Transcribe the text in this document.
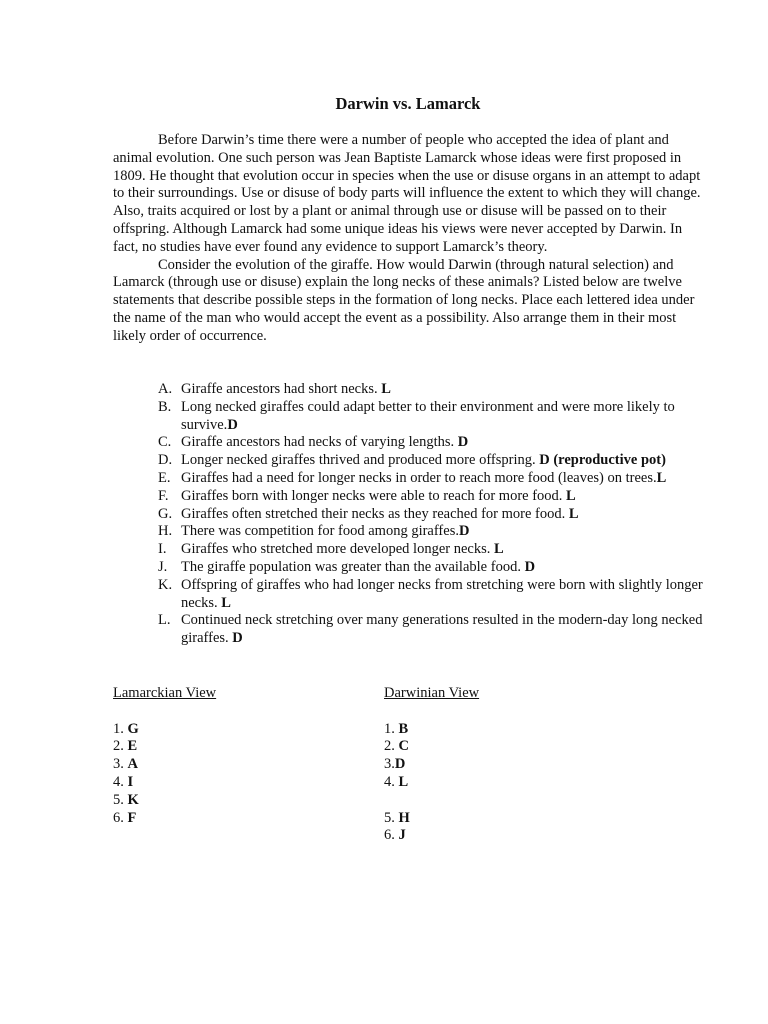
Darwin vs. Lamarck

Before Darwin’s time there were a number of people who accepted the idea of plant and animal evolution. One such person was Jean Baptiste Lamarck whose ideas were first proposed in 1809. He thought that evolution occur in species when the use or disuse organs in an attempt to adapt to their surroundings. Use or disuse of body parts will influence the extent to which they will change. Also, traits acquired or lost by a plant or animal through use or disuse will be passed on to their offspring. Although Lamarck had some unique ideas his views were never accepted by Darwin. In fact, no studies have ever found any evidence to support Lamarck’s theory.

Consider the evolution of the giraffe. How would Darwin (through natural selection) and Lamarck (through use or disuse) explain the long necks of these animals? Listed below are twelve statements that describe possible steps in the formation of long necks. Place each lettered idea under the name of the man who would accept the event as a possibility. Also arrange them in their most likely order of occurrence.

A. Giraffe ancestors had short necks. L
B. Long necked giraffes could adapt better to their environment and were more likely to survive.D
C. Giraffe ancestors had necks of varying lengths. D
D. Longer necked giraffes thrived and produced more offspring. D (reproductive pot)
E. Giraffes had a need for longer necks in order to reach more food (leaves) on trees.L
F. Giraffes born with longer necks were able to reach for more food. L
G. Giraffes often stretched their necks as they reached for more food. L
H. There was competition for food among giraffes.D
I.	Giraffes who stretched more developed longer necks. L
J. The giraffe population was greater than the available food. D
K. Offspring of giraffes who had longer necks from stretching were born with slightly longer necks. L
L. Continued neck stretching over many generations resulted in the modern-day long necked giraffes. D
Lamarckian View
1. G
2. E
3. A
4. I
5. K
6. F
Darwinian View
1. B
2. C
3.D
4. L
5. H
6. J
